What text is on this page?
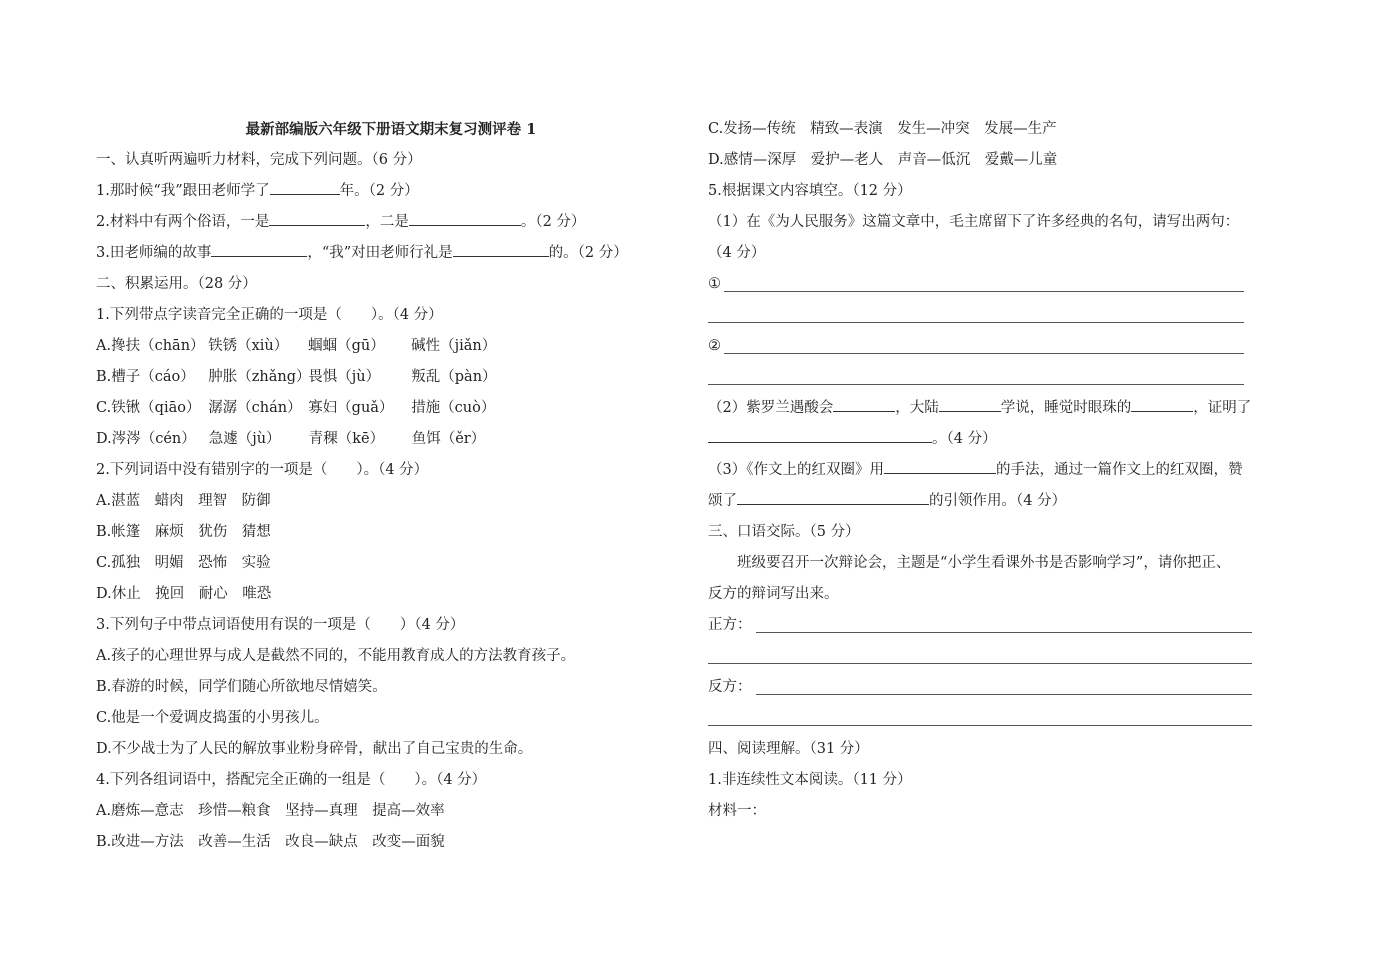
最新部编版六年级下册语文期末复习测评卷 1
一、认真听两遍听力材料，完成下列问题。（6 分）
1.那时候“我”跟田老师学了	年。（2 分）
2.材料中有两个俗语，一是	，二是	。（2 分）
3.田老师编的故事	，“我”对田老师行礼是	的。（2 分）
二、积累运用。（28 分）
1.下列带点字读音完全正确的一项是（　　）。（4 分）
A.搀扶（chān） 铁锈（xiù） 蝈蝈（gū） 碱性（jiǎn）
B.槽子（cáo） 肿胀（zhǎng）畏惧（jù） 叛乱（pàn）
C.铁锹（qiāo） 潺潺（chán） 寡妇（guǎ） 措施（cuò）
D.涔涔（cén） 急遽（jù） 青稞（kē） 鱼饵（ěr）
2.下列词语中没有错别字的一项是（　　）。（4 分）
A.湛蓝　蜡肉　理智　防御
B.帐篷　麻烦　犹伤　猜想
C.孤独　明媚　恐怖　实验
D.休止　挽回　耐心　唯恐
3.下列句子中带点词语使用有误的一项是（　　）（4 分）
A.孩子的心理世界与成人是截然不同的，不能用教育成人的方法教育孩子。
B.春游的时候，同学们随心所欲地尽情嬉笑。
C.他是一个爱调皮捣蛋的小男孩儿。
D.不少战士为了人民的解放事业粉身碎骨，献出了自己宝贵的生命。
4.下列各组词语中，搭配完全正确的一组是（　　）。（4 分）
A.磨炼—意志　珍惜—粮食　坚持—真理　提高—效率
B.改进—方法　改善—生活　改良—缺点　改变—面貌
C.发扬—传统　精致—表演　发生—冲突　发展—生产
D.感情—深厚　爱护—老人　声音—低沉　爱戴—儿童
5.根据课文内容填空。（12 分）
（1）在《为人民服务》这篇文章中，毛主席留下了许多经典的名句，请写出两句：
（4 分）
①
②
（2）紫罗兰遇酸会	，大陆	学说，睡觉时眼珠的	，证明了
。（4 分）
（3）《作文上的红双圈》用	的手法，通过一篇作文上的红双圈，赞
颂了	的引领作用。（4 分）
三、口语交际。（5 分）
班级要召开一次辩论会，主题是“小学生看课外书是否影响学习”，请你把正、
反方的辩词写出来。
正方：
反方：
四、阅读理解。（31 分）
1.非连续性文本阅读。（11 分）
材料一：
